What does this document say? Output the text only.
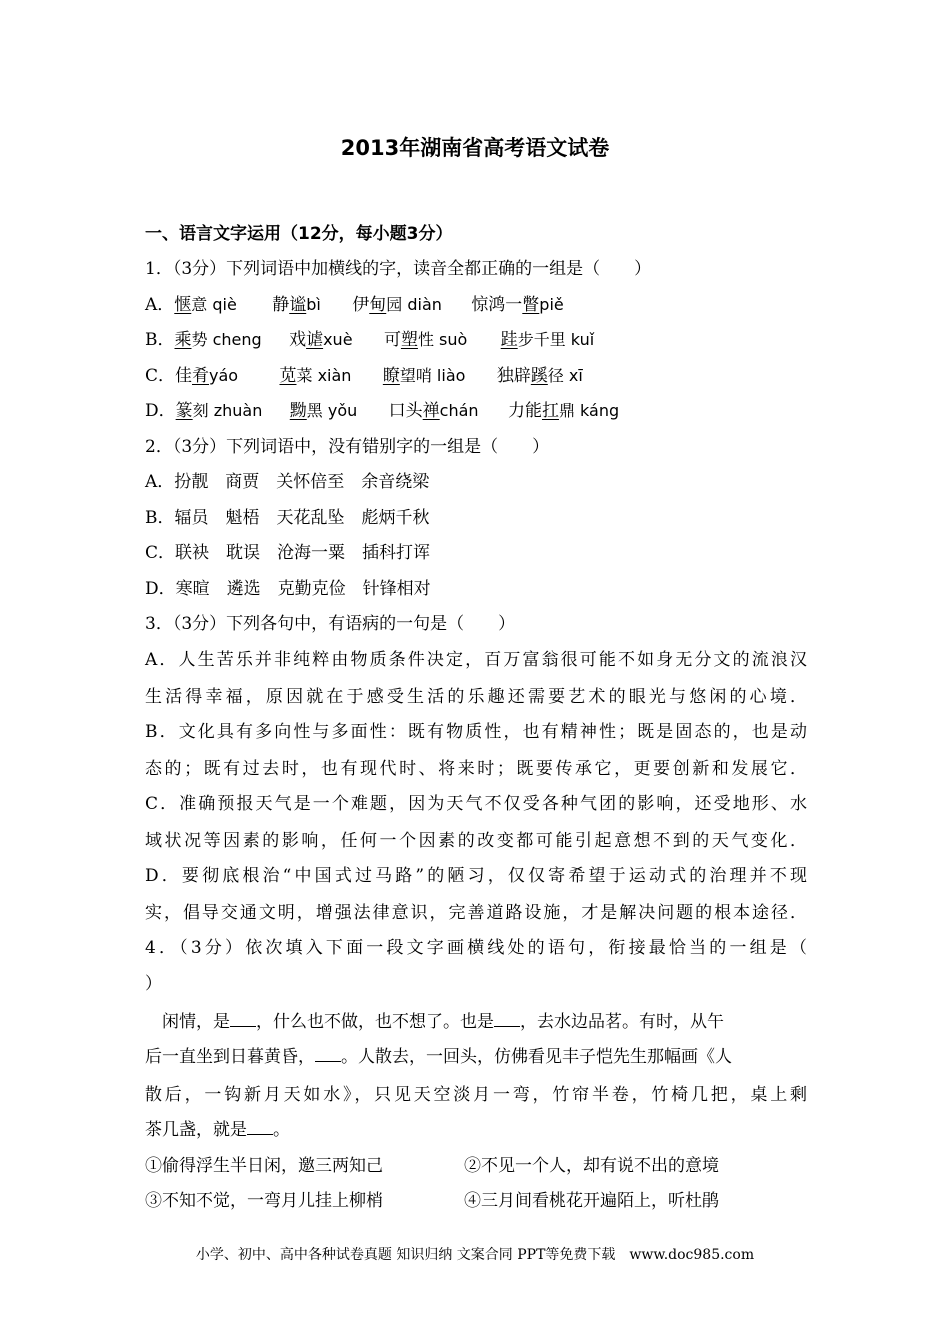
2013年湖南省高考语文试卷
一、语言文字运用（12分，每小题3分）
1．（3分）下列词语中加横线的字，读音全都正确的一组是（　　）
A．惬意 qiè 静谧bì 伊甸园 diàn 惊鸿一瞥piě
B．乘势 cheng 戏谑xuè 可塑性 suò 跬步千里 kuǐ
C．佳肴yáo 苋菜 xiàn 瞭望哨 liào 独辟蹊径 xī
D．篆刻 zhuàn 黝黑 yǒu 口头禅chán 力能扛鼎 káng
2．（3分）下列词语中，没有错别字的一组是（　　）
A．扮靓　商贾　关怀倍至　余音绕梁
B．辐员　魁梧　天花乱坠　彪炳千秋
C．联袂　耽误　沧海一粟　插科打诨
D．寒暄　遴选　克勤克俭　针锋相对
3．（3分）下列各句中，有语病的一句是（　　）
A．人生苦乐并非纯粹由物质条件决定，百万富翁很可能不如身无分文的流浪汉
生活得幸福，原因就在于感受生活的乐趣还需要艺术的眼光与悠闲的心境．
B．文化具有多向性与多面性：既有物质性，也有精神性；既是固态的，也是动
态的；既有过去时，也有现代时、将来时；既要传承它，更要创新和发展它．
C．准确预报天气是一个难题，因为天气不仅受各种气团的影响，还受地形、水
域状况等因素的影响，任何一个因素的改变都可能引起意想不到的天气变化．
D．要彻底根治“中国式过马路”的陋习，仅仅寄希望于运动式的治理并不现
实，倡导交通文明，增强法律意识，完善道路设施，才是解决问题的根本途径．
4．（3分）依次填入下面一段文字画横线处的语句，衔接最恰当的一组是（
）
闲情，是 ，什么也不做，也不想了。也是 ，去水边品茗。有时，从午
后一直坐到日暮黄昏， 。人散去，一回头，仿佛看见丰子恺先生那幅画《人
散后，一钩新月天如水》，只见天空淡月一弯，竹帘半卷，竹椅几把，桌上剩
茶几盏，就是 。
①偷得浮生半日闲，邀三两知己	②不见一个人，却有说不出的意境
③不知不觉，一弯月儿挂上柳梢	④三月间看桃花开遍陌上，听杜鹃
小学、初中、高中各种试卷真题 知识归纳 文案合同 PPT等免费下载　www.doc985.com
